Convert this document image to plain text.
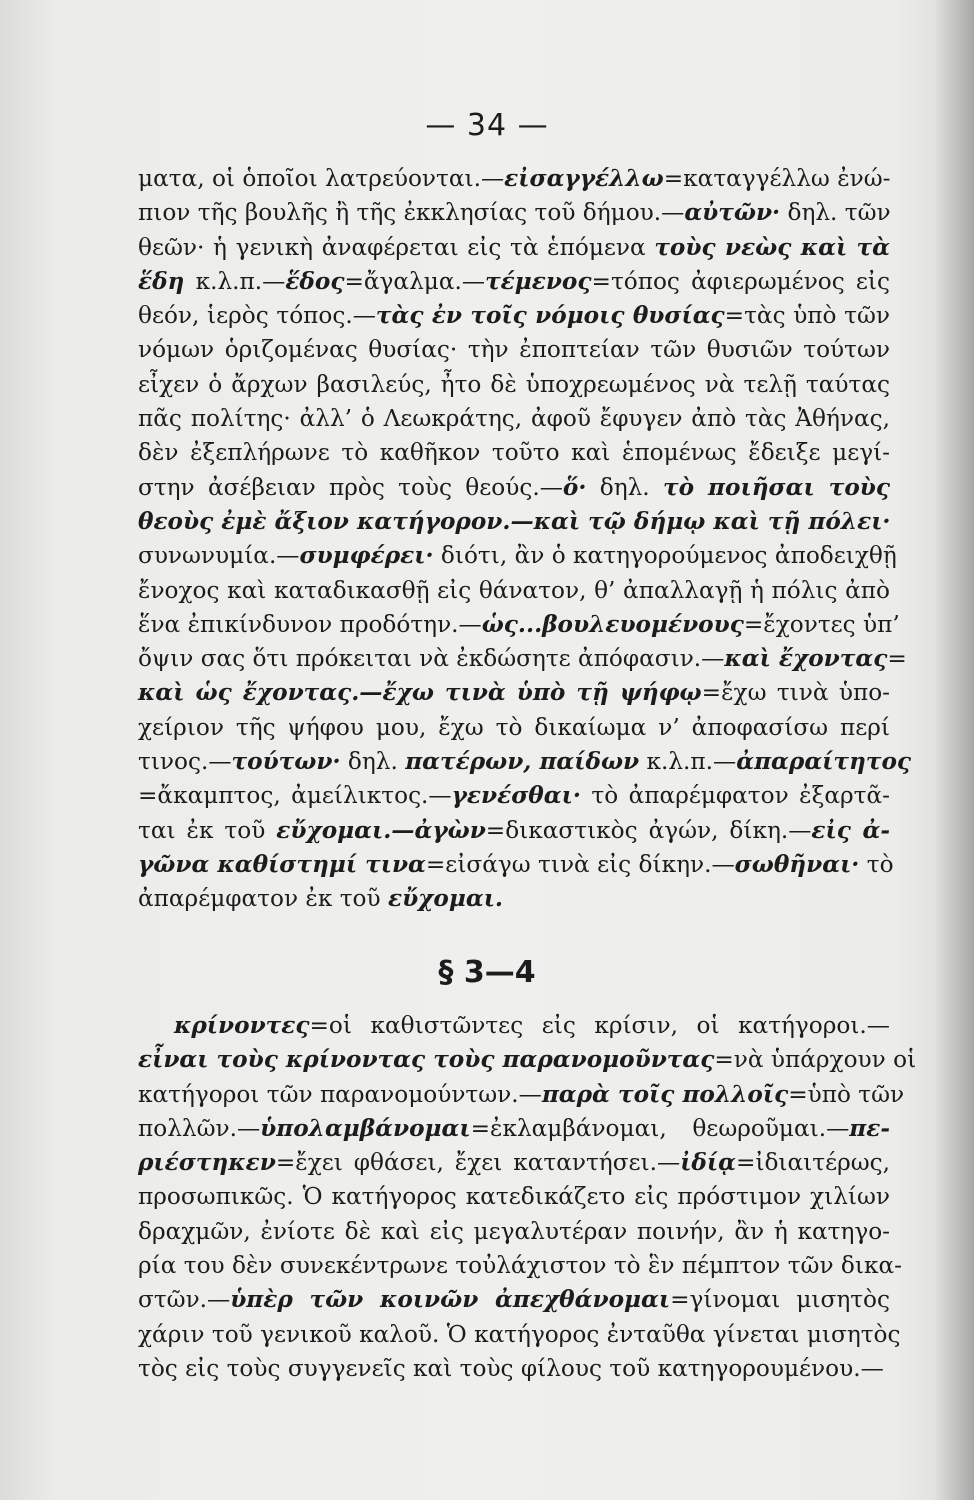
— 34 —
ματα, οἱ ὁποῖοι λατρεύονται.—εἰσαγγέλλω=καταγγέλλω ἐνώ-
πιον τῆς βουλῆς ἢ τῆς ἐκκλησίας τοῦ δήμου.—αὐτῶν· δηλ. τῶν
θεῶν· ἡ γενικὴ ἀναφέρεται εἰς τὰ ἑπόμενα τοὺς νεὼς καὶ τὰ
ἕδη κ.λ.π.—ἕδος=ἄγαλμα.—τέμενος=τόπος ἀφιερωμένος εἰς
θεόν, ἱερὸς τόπος.—τὰς ἐν τοῖς νόμοις θυσίας=τὰς ὑπὸ τῶν
νόμων ὁριζομένας θυσίας· τὴν ἐποπτείαν τῶν θυσιῶν τούτων
εἶχεν ὁ ἄρχων βασιλεύς, ἦτο δὲ ὑποχρεωμένος νὰ τελῇ ταύτας
πᾶς πολίτης· ἀλλ’ ὁ Λεωκράτης, ἀφοῦ ἔφυγεν ἀπὸ τὰς Ἀθήνας,
δὲν ἐξεπλήρωνε τὸ καθῆκον τοῦτο καὶ ἑπομένως ἔδειξε μεγί-
στην ἀσέβειαν πρὸς τοὺς θεούς.—ὅ· δηλ. τὸ ποιῆσαι τοὺς
θεοὺς ἐμὲ ἄξιον κατήγορον.—καὶ τῷ δήμῳ καὶ τῇ πόλει·
συνωνυμία.—συμφέρει· διότι, ἂν ὁ κατηγορούμενος ἀποδειχθῇ
ἔνοχος καὶ καταδικασθῇ εἰς θάνατον, θ’ ἀπαλλαγῇ ἡ πόλις ἀπὸ
ἕνα ἐπικίνδυνον προδότην.—ὡς...βουλευομένους=ἔχοντες ὑπ’
ὄψιν σας ὅτι πρόκειται νὰ ἐκδώσητε ἀπόφασιν.—καὶ ἔχοντας=
καὶ ὡς ἔχοντας.—ἔχω τινὰ ὑπὸ τῇ ψήφῳ=ἔχω τινὰ ὑπο-
χείριον τῆς ψήφου μου, ἔχω τὸ δικαίωμα ν’ ἀποφασίσω περί
τινος.—τούτων· δηλ. πατέρων, παίδων κ.λ.π.—ἀπαραίτητος
=ἄκαμπτος, ἀμείλικτος.—γενέσθαι· τὸ ἀπαρέμφατον ἐξαρτᾶ-
ται ἐκ τοῦ εὔχομαι.—ἀγὼν=δικαστικὸς ἀγών, δίκη.—εἰς ἀ-
γῶνα καθίστημί τινα=εἰσάγω τινὰ εἰς δίκην.—σωθῆναι· τὸ
ἀπαρέμφατον ἐκ τοῦ εὔχομαι.
§ 3—4
κρίνοντες=οἱ καθιστῶντες εἰς κρίσιν, οἱ κατήγοροι.—
εἶναι τοὺς κρίνοντας τοὺς παρανομοῦντας=νὰ ὑπάρχουν οἱ
κατήγοροι τῶν παρανομούντων.—παρὰ τοῖς πολλοῖς=ὑπὸ τῶν
πολλῶν.—ὑπολαμβάνομαι=ἐκλαμβάνομαι, θεωροῦμαι.—πε-
ριέστηκεν=ἔχει φθάσει, ἔχει καταντήσει.—ἰδίᾳ=ἰδιαιτέρως,
προσωπικῶς. Ὁ κατήγορος κατεδικάζετο εἰς πρόστιμον χιλίων
δραχμῶν, ἐνίοτε δὲ καὶ εἰς μεγαλυτέραν ποινήν, ἂν ἡ κατηγο-
ρία του δὲν συνεκέντρωνε τοὐλάχιστον τὸ ἓν πέμπτον τῶν δικα-
στῶν.—ὑπὲρ τῶν κοινῶν ἀπεχθάνομαι=γίνομαι μισητὸς
χάριν τοῦ γενικοῦ καλοῦ. Ὁ κατήγορος ἐνταῦθα γίνεται μισητὸς
τὸς εἰς τοὺς συγγενεῖς καὶ τοὺς φίλους τοῦ κατηγορουμένου.—
